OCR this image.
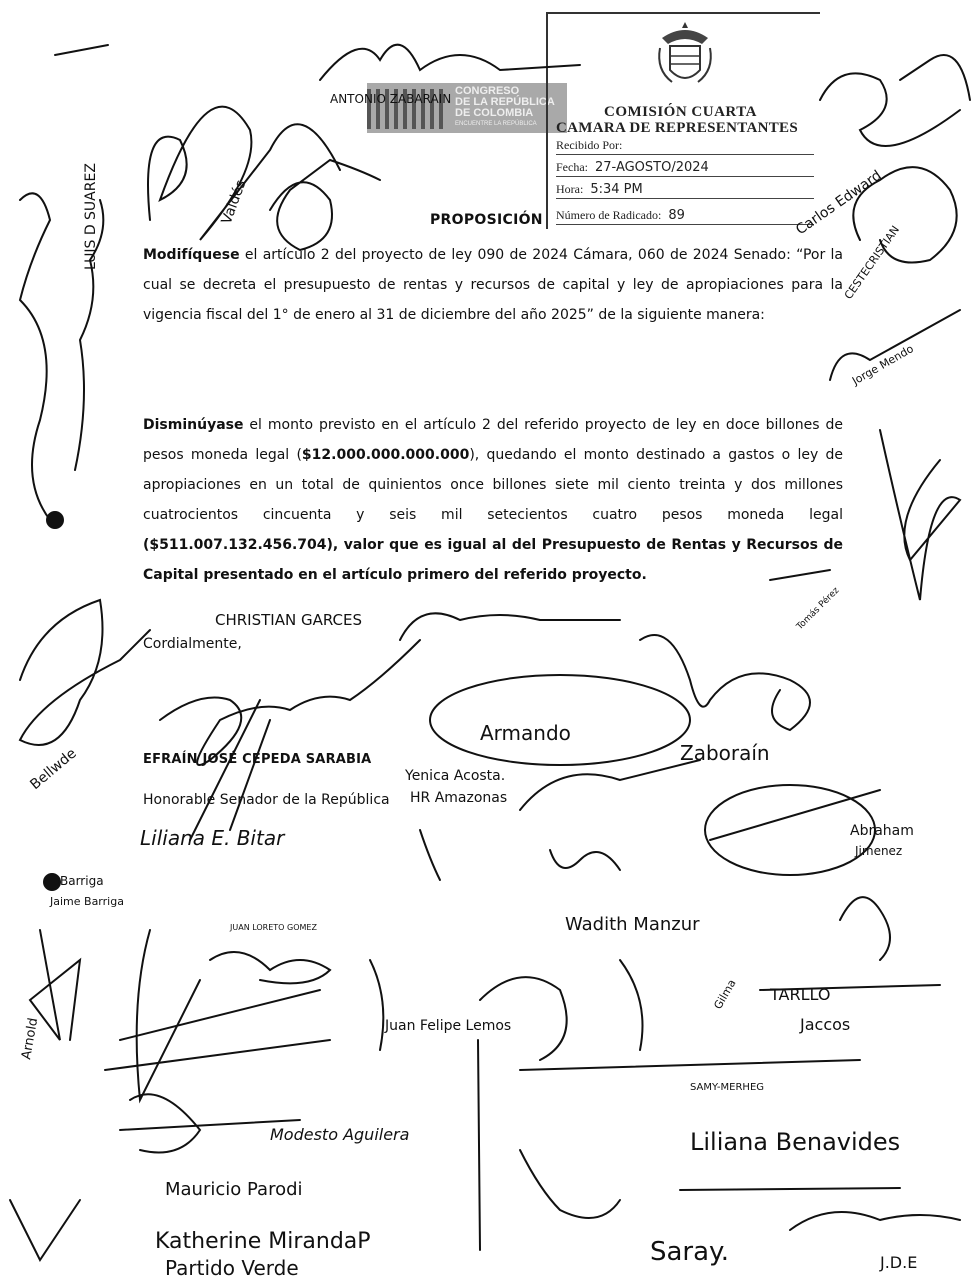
CONGRESO
DE LA REPÚBLICA
DE COLOMBIA
ENCUENTRE LA REPÚBLICA
COMISIÓN CUARTA
CAMARA DE REPRESENTANTES
Recibido Por:
Fecha: 27-AGOSTO/2024
Hora: 5:34 PM
Número de Radicado: 89
PROPOSICIÓN
Modifíquese el artículo 2 del proyecto de ley 090 de 2024 Cámara, 060 de 2024 Senado: “Por la cual se decreta el presupuesto de rentas y recursos de capital y ley de apropiaciones para la vigencia fiscal del 1° de enero al 31 de diciembre del año 2025” de la siguiente manera:
Disminúyase el monto previsto en el artículo 2 del referido proyecto de ley en doce billones de pesos moneda legal ($12.000.000.000.000), quedando el monto destinado a gastos o ley de apropiaciones en un total de quinientos once billones siete mil ciento treinta y dos millones cuatrocientos cincuenta y seis mil setecientos cuatro pesos moneda legal ($511.007.132.456.704), valor que es igual al del Presupuesto de Rentas y Recursos de Capital presentado en el artículo primero del referido proyecto.
Cordialmente,
EFRAÍN JOSÉ CEPEDA SARABIA
Honorable Senador de la República
ANTONIO ZABARAIN
Valdés
LUIS D SUAREZ	Carlos Edward
CESTECRISTIAN
Jorge Mendo
Bellwde
CHRISTIAN GARCES
Armando
Zaboraín
Yenica Acosta.
HR Amazonas
Abraham
Jimenez
Liliana E. Bitar
Wadith Manzur
Barriga
Jaime Barriga
Arnold
JUAN LORETO GOMEZ
Juan Felipe Lemos
Gilma TARLLO
Jaccos
SAMY-MERHEG
Modesto Aguilera
Mauricio Parodi
Katherine MirandaP
Partido Verde
Liliana Benavides
Saray.	J.D.E
Tomás Pérez
